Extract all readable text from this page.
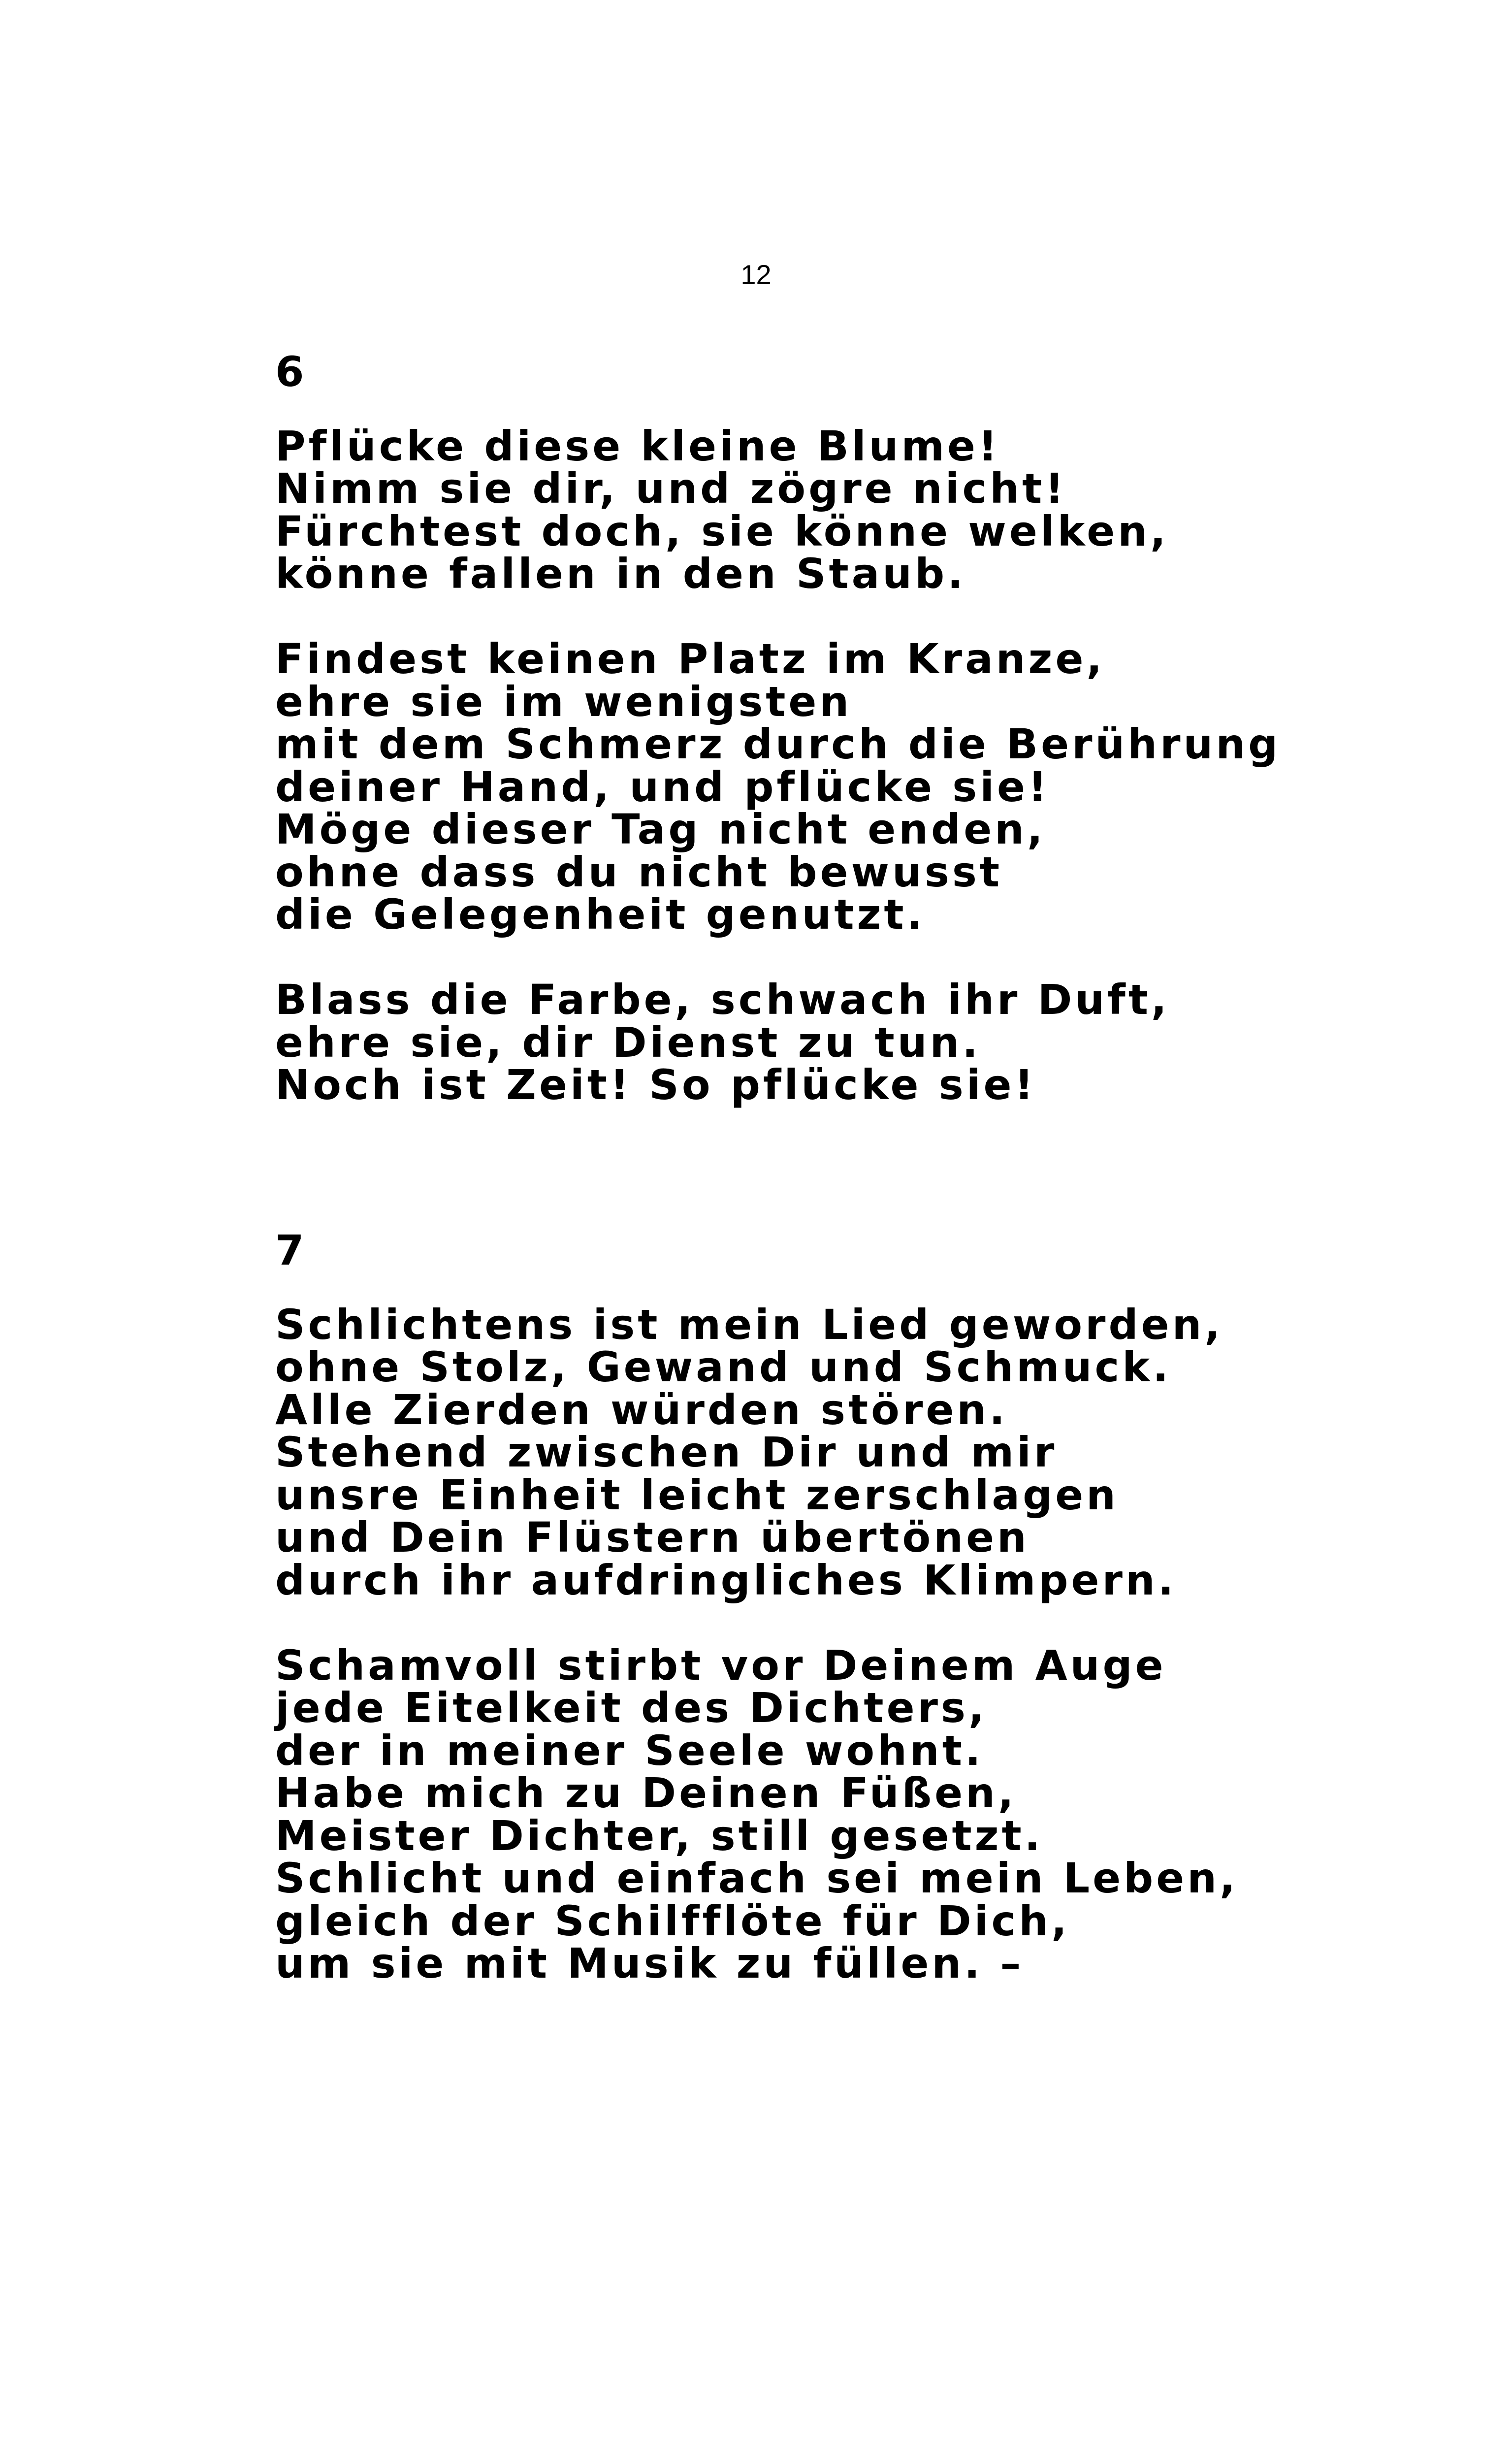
12
6
Pflücke diese kleine Blume!
Nimm sie dir, und zögre nicht!
Fürchtest doch, sie könne welken,
könne fallen in den Staub.
Findest keinen Platz im Kranze,
ehre sie im wenigsten
mit dem Schmerz durch die Berührung
deiner Hand, und pflücke sie!
Möge dieser Tag nicht enden,
ohne dass du nicht bewusst
die Gelegenheit genutzt.
Blass die Farbe, schwach ihr Duft,
ehre sie, dir Dienst zu tun.
Noch ist Zeit! So pflücke sie!
7
Schlichtens ist mein Lied geworden,
ohne Stolz, Gewand und Schmuck.
Alle Zierden würden stören.
Stehend zwischen Dir und mir
unsre Einheit leicht zerschlagen
und Dein Flüstern übertönen
durch ihr aufdringliches Klimpern.
Schamvoll stirbt vor Deinem Auge
jede Eitelkeit des Dichters,
der in meiner Seele wohnt.
Habe mich zu Deinen Füßen,
Meister Dichter, still gesetzt.
Schlicht und einfach sei mein Leben,
gleich der Schilfflöte für Dich,
um sie mit Musik zu füllen. –
